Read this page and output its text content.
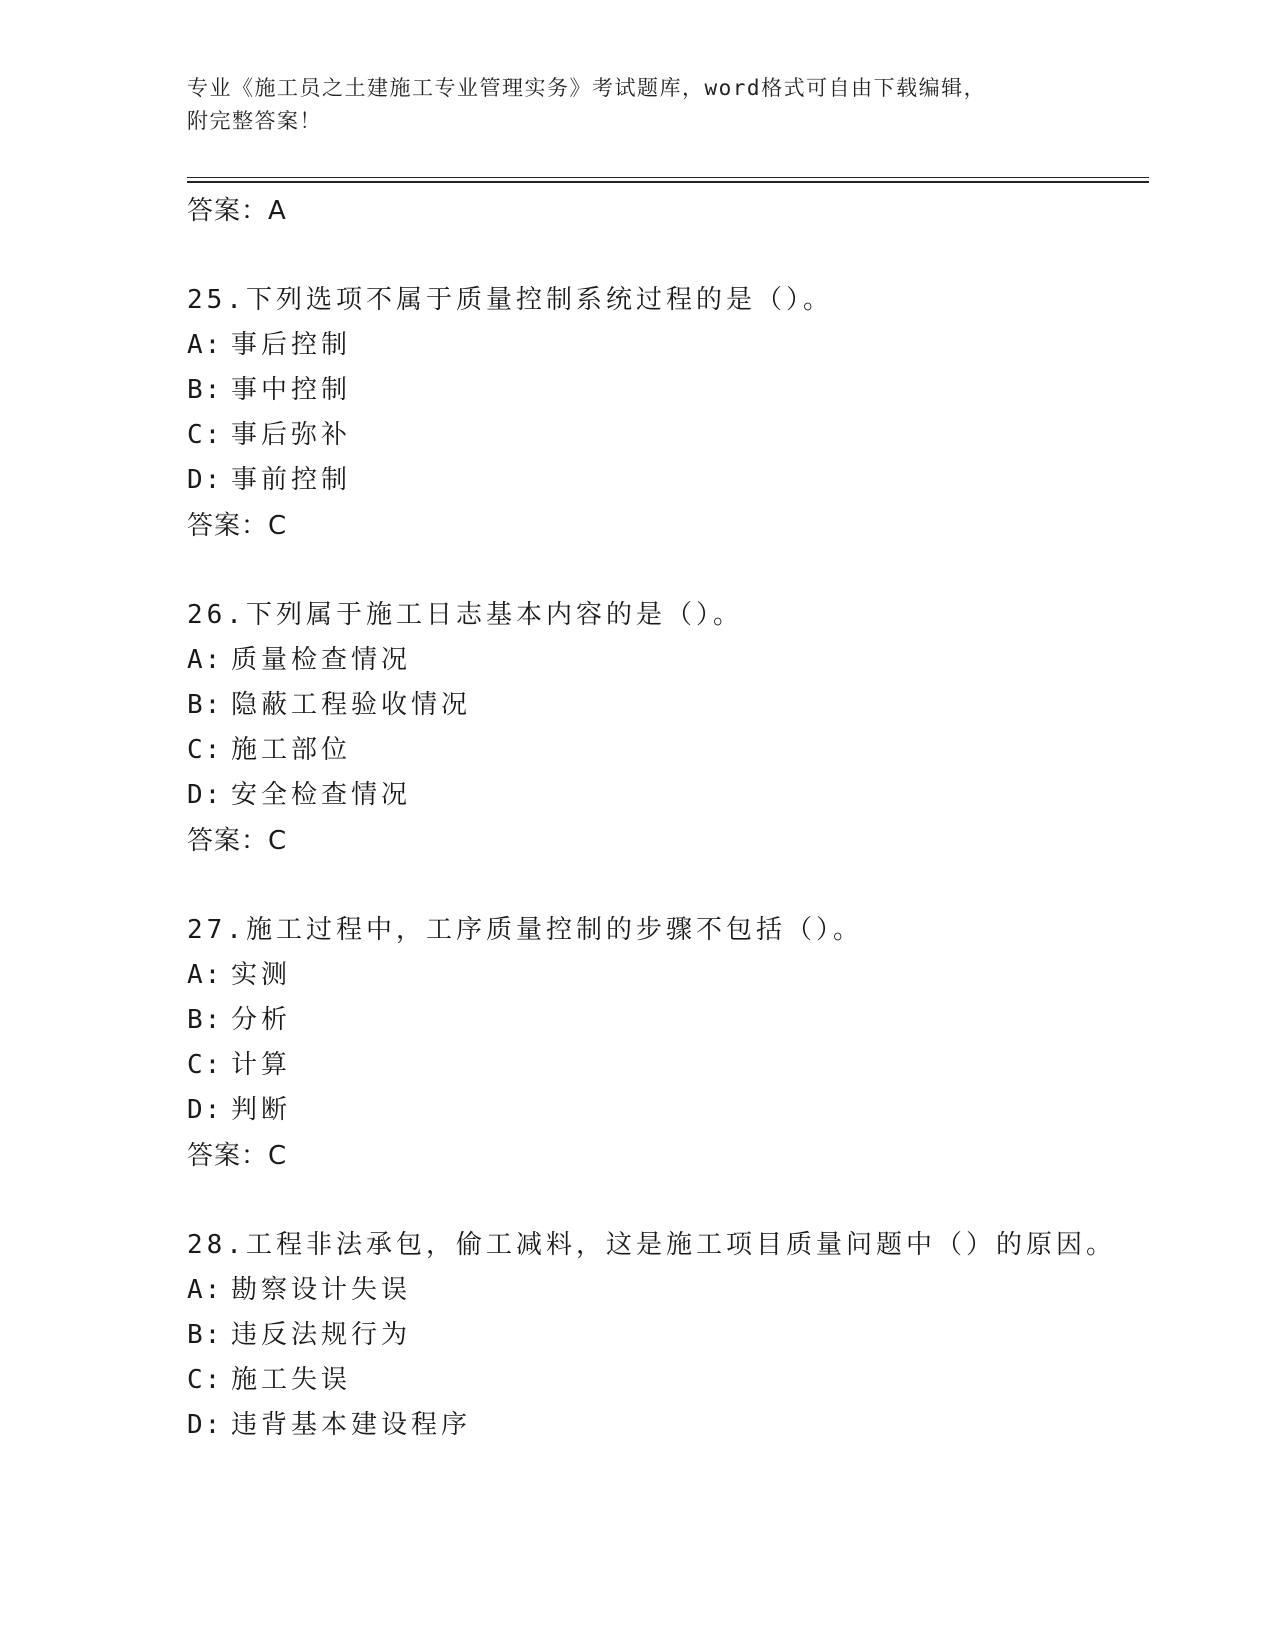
专业《施工员之土建施工专业管理实务》考试题库，word格式可自由下载编辑，
附完整答案！
答案：A
25.下列选项不属于质量控制系统过程的是（）。
A: 事后控制
B: 事中控制
C: 事后弥补
D: 事前控制
答案：C
26.下列属于施工日志基本内容的是（）。
A: 质量检查情况
B: 隐蔽工程验收情况
C: 施工部位
D: 安全检查情况
答案：C
27.施工过程中，工序质量控制的步骤不包括（）。
A: 实测
B: 分析
C: 计算
D: 判断
答案：C
28.工程非法承包，偷工减料，这是施工项目质量问题中（）的原因。
A: 勘察设计失误
B: 违反法规行为
C: 施工失误
D: 违背基本建设程序
